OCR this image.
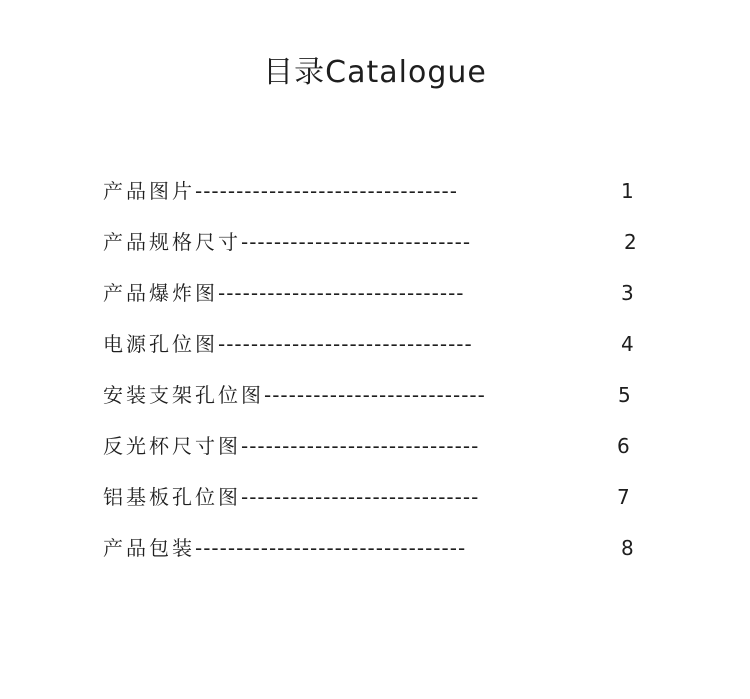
目录Catalogue
产品图片--------------------------------	1
产品规格尺寸----------------------------	2
产品爆炸图------------------------------	3
电源孔位图-------------------------------	4
安装支架孔位图---------------------------	5
反光杯尺寸图-----------------------------	6
铝基板孔位图-----------------------------	7
产品包装---------------------------------	8
